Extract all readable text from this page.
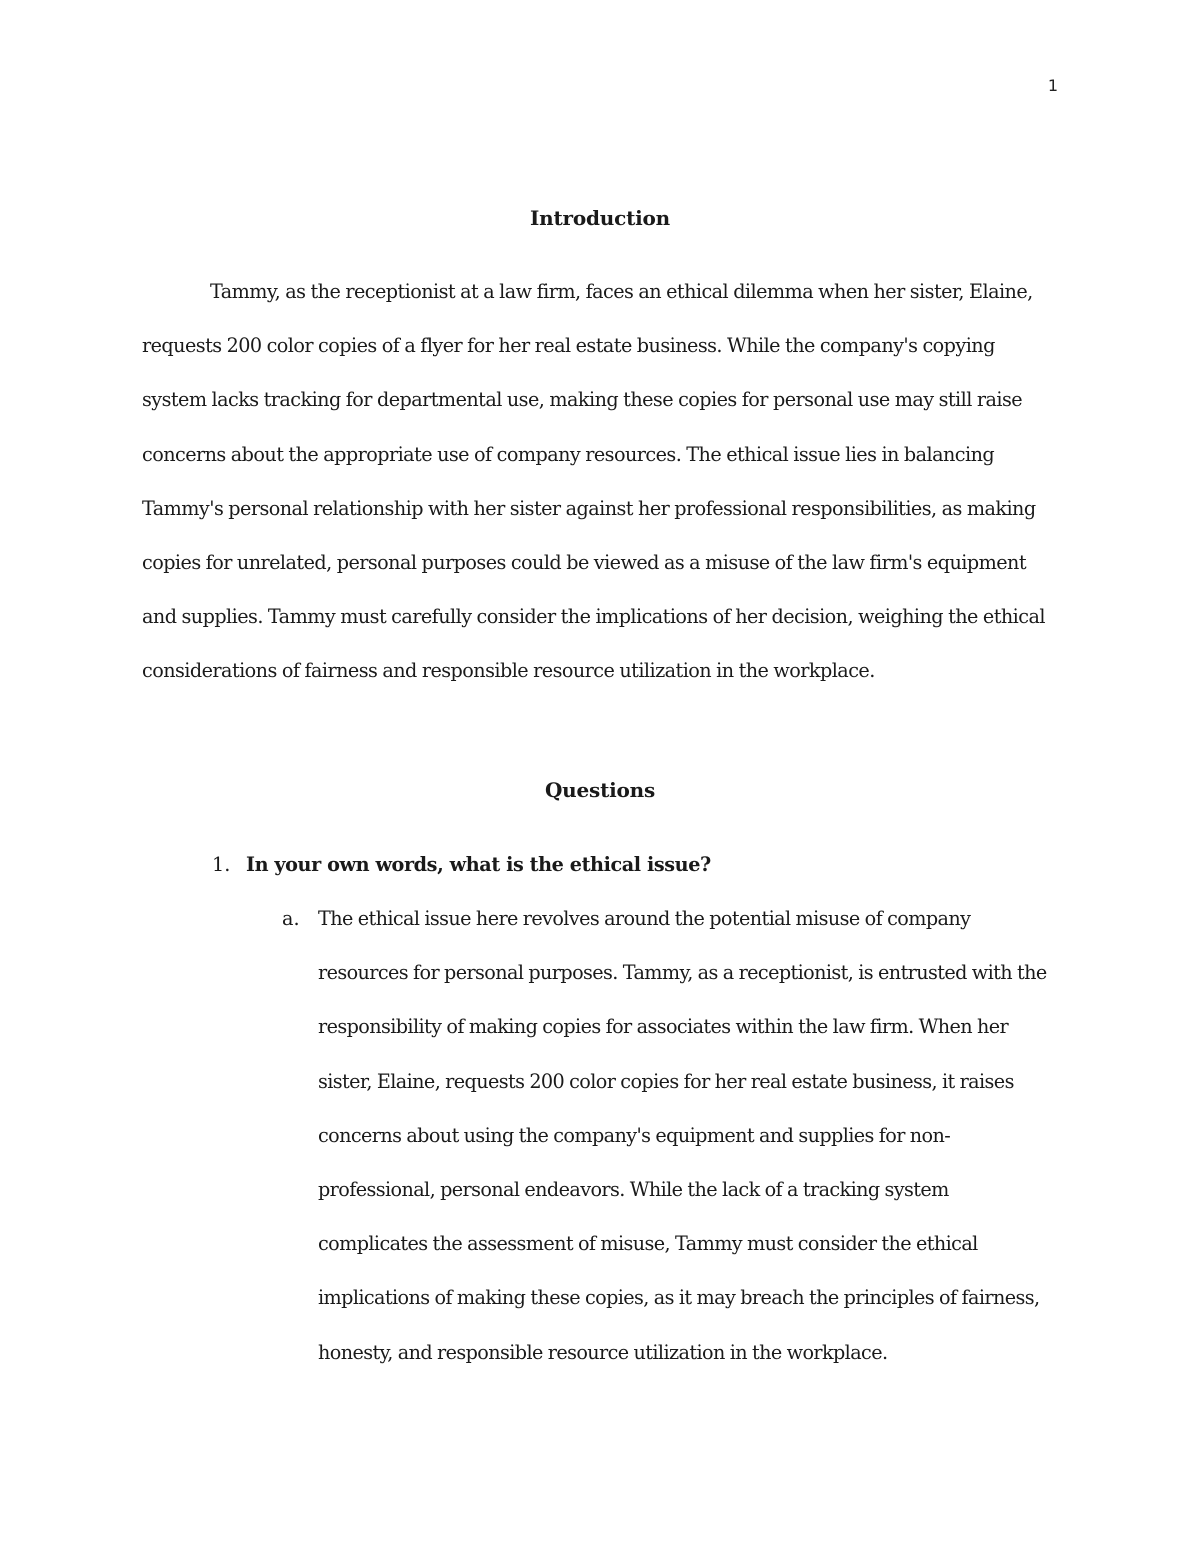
1
Introduction

Tammy, as the receptionist at a law firm, faces an ethical dilemma when her sister, Elaine, requests 200 color copies of a flyer for her real estate business. While the company's copying system lacks tracking for departmental use, making these copies for personal use may still raise concerns about the appropriate use of company resources. The ethical issue lies in balancing Tammy's personal relationship with her sister against her professional responsibilities, as making copies for unrelated, personal purposes could be viewed as a misuse of the law firm's equipment and supplies. Tammy must carefully consider the implications of her decision, weighing the ethical considerations of fairness and responsible resource utilization in the workplace.

Questions
1. In your own words, what is the ethical issue?
a. The ethical issue here revolves around the potential misuse of company resources for personal purposes. Tammy, as a receptionist, is entrusted with the responsibility of making copies for associates within the law firm. When her sister, Elaine, requests 200 color copies for her real estate business, it raises concerns about using the company's equipment and supplies for non-professional, personal endeavors. While the lack of a tracking system complicates the assessment of misuse, Tammy must consider the ethical implications of making these copies, as it may breach the principles of fairness, honesty, and responsible resource utilization in the workplace.
